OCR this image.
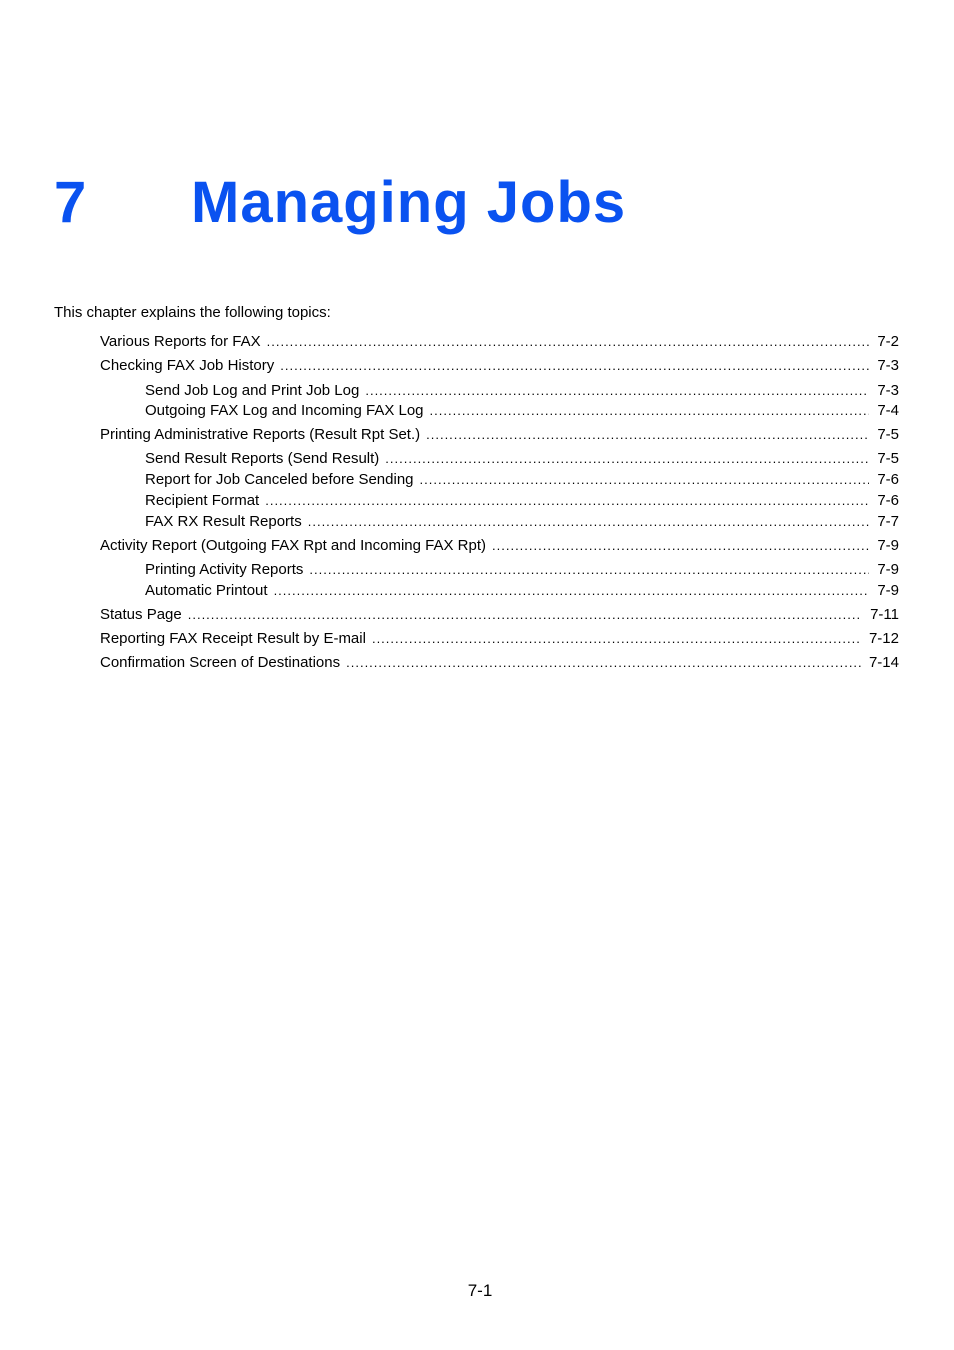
7 Managing Jobs
This chapter explains the following topics:
Various Reports for FAX .....	7-2
Checking FAX Job History .....	7-3
Send Job Log and Print Job Log .....	7-3
Outgoing FAX Log and Incoming FAX Log .....	7-4
Printing Administrative Reports (Result Rpt Set.) .....	7-5
Send Result Reports (Send Result) .....	7-5
Report for Job Canceled before Sending .....	7-6
Recipient Format .....	7-6
FAX RX Result Reports .....	7-7
Activity Report (Outgoing FAX Rpt and Incoming FAX Rpt) .....	7-9
Printing Activity Reports .....	7-9
Automatic Printout .....	7-9
Status Page .....	7-11
Reporting FAX Receipt Result by E-mail .....	7-12
Confirmation Screen of Destinations .....	7-14
7-1
